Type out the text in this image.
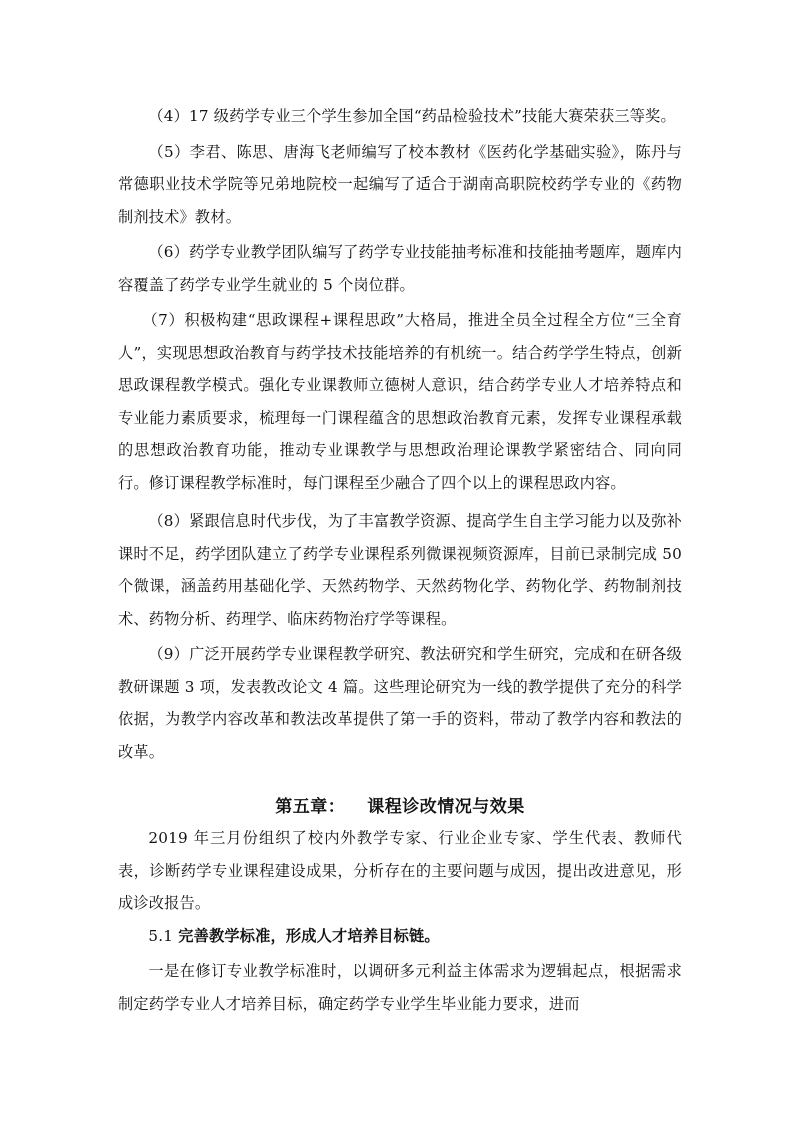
（4）17 级药学专业三个学生参加全国“药品检验技术”技能大赛荣获三等奖。

（5）李君、陈思、唐海飞老师编写了校本教材《医药化学基础实验》，陈丹与常德职业技术学院等兄弟地院校一起编写了适合于湖南高职院校药学专业的《药物制剂技术》教材。

（6）药学专业教学团队编写了药学专业技能抽考标准和技能抽考题库，题库内容覆盖了药学专业学生就业的 5 个岗位群。

（7）积极构建“思政课程+课程思政”大格局，推进全员全过程全方位“三全育人”，实现思想政治教育与药学技术技能培养的有机统一。结合药学学生特点，创新思政课程教学模式。强化专业课教师立德树人意识，结合药学专业人才培养特点和专业能力素质要求，梳理每一门课程蕴含的思想政治教育元素，发挥专业课程承载的思想政治教育功能，推动专业课教学与思想政治理论课教学紧密结合、同向同行。修订课程教学标准时，每门课程至少融合了四个以上的课程思政内容。

（8）紧跟信息时代步伐，为了丰富教学资源、提高学生自主学习能力以及弥补课时不足，药学团队建立了药学专业课程系列微课视频资源库，目前已录制完成 50 个微课，涵盖药用基础化学、天然药物学、天然药物化学、药物化学、药物制剂技术、药物分析、药理学、临床药物治疗学等课程。

（9）广泛开展药学专业课程教学研究、教法研究和学生研究，完成和在研各级教研课题 3 项，发表教改论文 4 篇。这些理论研究为一线的教学提供了充分的科学依据，为教学内容改革和教法改革提供了第一手的资料，带动了教学内容和教法的改革。

第五章： 课程诊改情况与效果

2019 年三月份组织了校内外教学专家、行业企业专家、学生代表、教师代表，诊断药学专业课程建设成果，分析存在的主要问题与成因，提出改进意见，形成诊改报告。

5.1 完善教学标准，形成人才培养目标链。

一是在修订专业教学标准时，以调研多元利益主体需求为逻辑起点，根据需求制定药学专业人才培养目标，确定药学专业学生毕业能力要求，进而
